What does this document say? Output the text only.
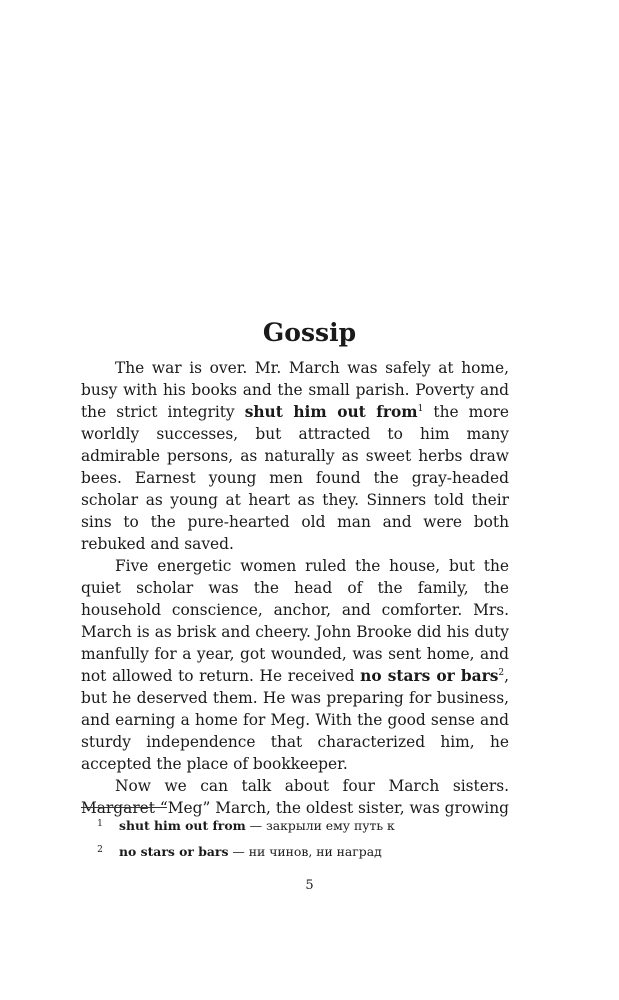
Gossip

The war is over. Mr. March was safely at home, busy with his books and the small parish. Poverty and the strict integrity shut him out from$^1$ the more worldly successes, but attracted to him many admirable persons, as naturally as sweet herbs draw bees. Earnest young men found the gray-headed scholar as young at heart as they. Sinners told their sins to the pure-hearted old man and were both rebuked and saved.

Five energetic women ruled the house, but the quiet scholar was the head of the family, the household conscience, anchor, and comforter. Mrs. March is as brisk and cheery. John Brooke did his duty manfully for a year, got wounded, was sent home, and not allowed to return. He received no stars or bars$^2$, but he deserved them. He was preparing for business, and earning a home for Meg. With the good sense and sturdy independence that characterized him, he accepted the place of bookkeeper.

Now we can talk about four March sisters. Margaret “Meg” March, the oldest sister, was growing

1 shut him out from — закрыли ему путь к
2 no stars or bars — ни чинов, ни наград
5
